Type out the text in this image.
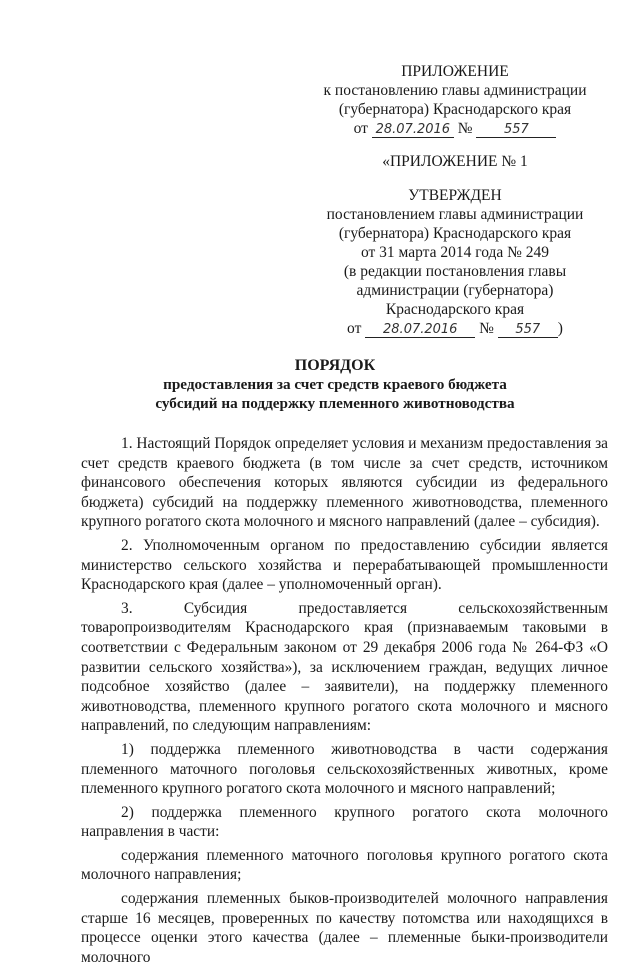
ПРИЛОЖЕНИЕ
к постановлению главы администрации
(губернатора) Краснодарского края
от 28.07.2016 № 557
«ПРИЛОЖЕНИЕ № 1
УТВЕРЖДЕН
постановлением главы администрации
(губернатора) Краснодарского края
от 31 марта 2014 года № 249
(в редакции постановления главы
администрации (губернатора)
Краснодарского края
от 28.07.2016 № 557 )
ПОРЯДОК
предоставления за счет средств краевого бюджета
субсидий на поддержку племенного животноводства

1. Настоящий Порядок определяет условия и механизм предоставления за счет средств краевого бюджета (в том числе за счет средств, источником финансового обеспечения которых являются субсидии из федерального бюджета) субсидий на поддержку племенного животноводства, племенного крупного рогатого скота молочного и мясного направлений (далее – субсидия).

2. Уполномоченным органом по предоставлению субсидии является министерство сельского хозяйства и перерабатывающей промышленности Краснодарского края (далее – уполномоченный орган).

3. Субсидия предоставляется сельскохозяйственным товаропроизводителям Краснодарского края (признаваемым таковыми в соответствии с Федеральным законом от 29 декабря 2006 года № 264-ФЗ «О развитии сельского хозяйства»), за исключением граждан, ведущих личное подсобное хозяйство (далее – заявители), на поддержку племенного животноводства, племенного крупного рогатого скота молочного и мясного направлений, по следующим направлениям:

1) поддержка племенного животноводства в части содержания племенного маточного поголовья сельскохозяйственных животных, кроме племенного крупного рогатого скота молочного и мясного направлений;

2) поддержка племенного крупного рогатого скота молочного направления в части:

содержания племенного маточного поголовья крупного рогатого скота молочного направления;

содержания племенных быков-производителей молочного направления старше 16 месяцев, проверенных по качеству потомства или находящихся в процессе оценки этого качества (далее – племенные быки-производители молочного
